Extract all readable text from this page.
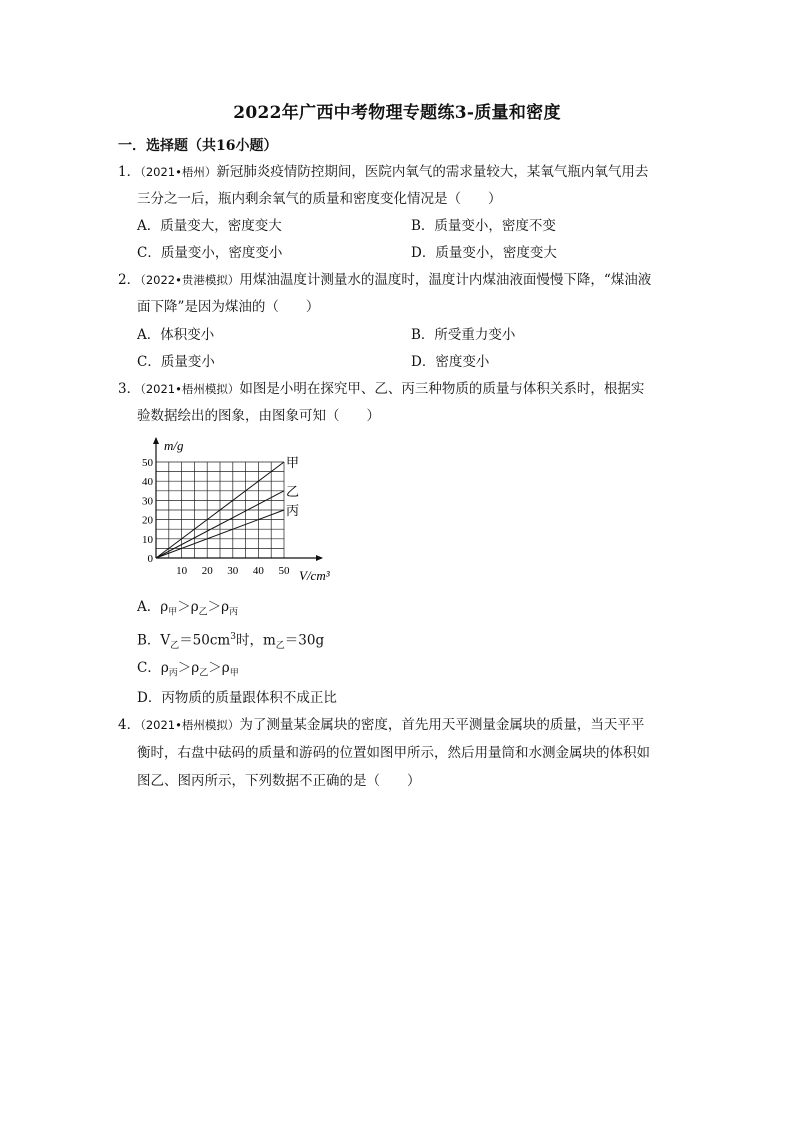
2022年广西中考物理专题练3-质量和密度
一．选择题（共16小题）
1．（2021•梧州）新冠肺炎疫情防控期间，医院内氧气的需求量较大，某氧气瓶内氧气用去
三分之一后，瓶内剩余氧气的质量和密度变化情况是（　　）
A．质量变大，密度变大	B．质量变小，密度不变
C．质量变小，密度变小	D．质量变小，密度变大
2．（2022•贵港模拟）用煤油温度计测量水的温度时，温度计内煤油液面慢慢下降，“煤油液
面下降”是因为煤油的（　　）
A．体积变小	B．所受重力变小
C．质量变小	D．密度变小
3．（2021•梧州模拟）如图是小明在探究甲、乙、丙三种物质的质量与体积关系时，根据实
验数据绘出的图象，由图象可知（　　）
甲
乙
丙
10 20 30 40 50
10
20
30
40
50
0
m/g
V/cm³
A．$\rho_甲>\rho_乙>\rho_丙$
B．$V_乙=50cm^3$时，$m_乙=30g$
C．$\rho_丙>\rho_乙>\rho_甲$
D．丙物质的质量跟体积不成正比
4．（2021•梧州模拟）为了测量某金属块的密度，首先用天平测量金属块的质量，当天平平
衡时，右盘中砝码的质量和游码的位置如图甲所示，然后用量筒和水测金属块的体积如
图乙、图丙所示，下列数据不正确的是（　　）
